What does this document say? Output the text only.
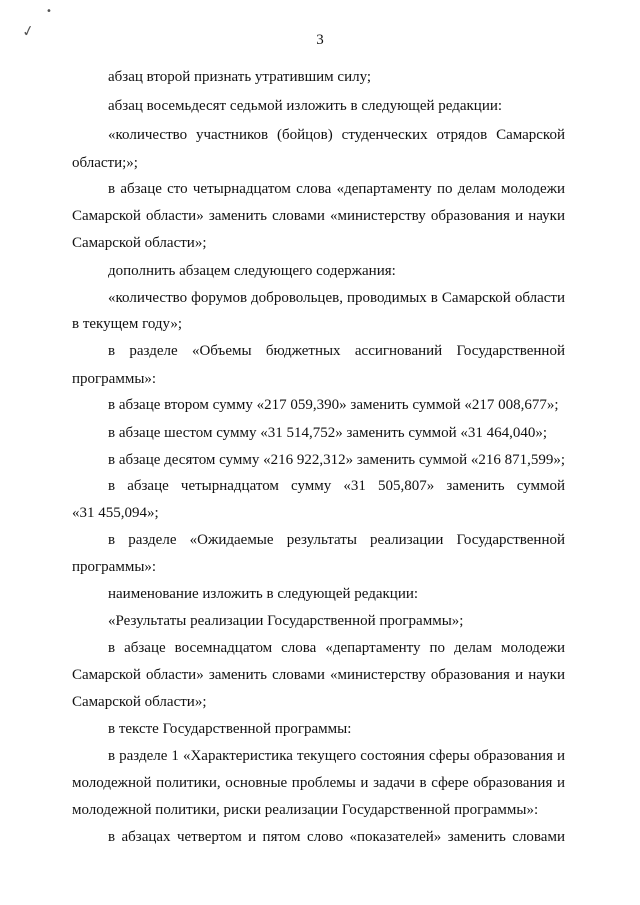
•
✓	3
абзац второй признать утратившим силу;
абзац восемьдесят седьмой изложить в следующей редакции:
«количество участников (бойцов) студенческих отрядов Самарской
области;»;
в абзаце сто четырнадцатом слова «департаменту по делам молодежи
Самарской области» заменить словами «министерству образования и науки
Самарской области»;
дополнить абзацем следующего содержания:
«количество форумов добровольцев, проводимых в Самарской области
в текущем году»;
в разделе «Объемы бюджетных ассигнований Государственной
программы»:
в абзаце втором сумму «217 059,390» заменить суммой «217 008,677»;
в абзаце шестом сумму «31 514,752» заменить суммой «31 464,040»;
в абзаце десятом сумму «216 922,312» заменить суммой «216 871,599»;
в абзаце четырнадцатом сумму «31 505,807» заменить суммой
«31 455,094»;
в разделе «Ожидаемые результаты реализации Государственной
программы»:
наименование изложить в следующей редакции:
«Результаты реализации Государственной программы»;
в абзаце восемнадцатом слова «департаменту по делам молодежи
Самарской области» заменить словами «министерству образования и науки
Самарской области»;
в тексте Государственной программы:
в разделе 1 «Характеристика текущего состояния сферы образования и
молодежной политики, основные проблемы и задачи в сфере образования и
молодежной политики, риски реализации Государственной программы»:
в абзацах четвертом и пятом слово «показателей» заменить словами
